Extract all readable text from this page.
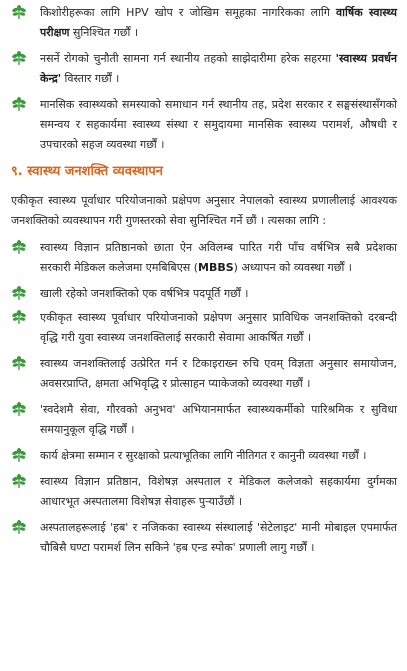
किशोरीहरूका लागि HPV खोप र जोखिम समूहका नागरिकका लागि वार्षिक स्वास्थ्य परीक्षण सुनिश्चित गर्छौं ।
नसर्ने रोगको चुनौती सामना गर्न स्थानीय तहको साझेदारीमा हरेक सहरमा 'स्वास्थ्य प्रवर्धन केन्द्र' विस्तार गर्छौं ।
मानसिक स्वास्थ्यको समस्याको समाधान गर्न स्थानीय तह, प्रदेश सरकार र सङ्घसंस्थासँगको समन्वय र सहकार्यमा स्वास्थ्य संस्था र समुदायमा मानसिक स्वास्थ्य परामर्श, औषधी र उपचारको सहज व्यवस्था गर्छौं ।
९. स्वास्थ्य जनशक्ति व्यवस्थापन
एकीकृत स्वास्थ्य पूर्वाधार परियोजनाको प्रक्षेपण अनुसार नेपालको स्वास्थ्य प्रणालीलाई आवश्यक जनशक्तिको व्यवस्थापन गरी गुणस्तरको सेवा सुनिश्चित गर्ने छौं । त्यसका लागि :
स्वास्थ्य विज्ञान प्रतिष्ठानको छाता ऐन अविलम्ब पारित गरी पाँच वर्षभित्र सबै प्रदेशका सरकारी मेडिकल कलेजमा एमबिबिएस (MBBS) अध्यापन को व्यवस्था गर्छौं ।
खाली रहेको जनशक्तिको एक वर्षभित्र पदपूर्ति गर्छौं ।
एकीकृत स्वास्थ्य पूर्वाधार परियोजनाको प्रक्षेपण अनुसार प्राविधिक जनशक्तिको दरबन्दी वृद्धि गरी युवा स्वास्थ्य जनशक्तिलाई सरकारी सेवामा आकर्षित गर्छौं ।
स्वास्थ्य जनशक्तिलाई उत्प्रेरित गर्न र टिकाइराख्न रुचि एवम् विज्ञता अनुसार समायोजन, अवसरप्राप्ति, क्षमता अभिवृद्धि र प्रोत्साहन प्याकेजको व्यवस्था गर्छौं ।
'स्वदेशमै सेवा, गौरवको अनुभव' अभियानमार्फत स्वास्थ्यकर्मीको पारिश्रमिक र सुविधा समयानुकूल वृद्धि गर्छौं ।
कार्य क्षेत्रमा सम्मान र सुरक्षाको प्रत्याभूतिका लागि नीतिगत र कानुनी व्यवस्था गर्छौं ।
स्वास्थ्य विज्ञान प्रतिष्ठान, विशेषज्ञ अस्पताल र मेडिकल कलेजको सहकार्यमा दुर्गमका आधारभूत अस्पतालमा विशेषज्ञ सेवाहरू पुऱ्याउँछौं ।
अस्पतालहरूलाई 'हब' र नजिकका स्वास्थ्य संस्थालाई 'सेटेलाइट' मानी मोबाइल एपमार्फत चौबिसै घण्टा परामर्श लिन सकिने 'हब एन्ड स्पोक' प्रणाली लागु गर्छौं ।
